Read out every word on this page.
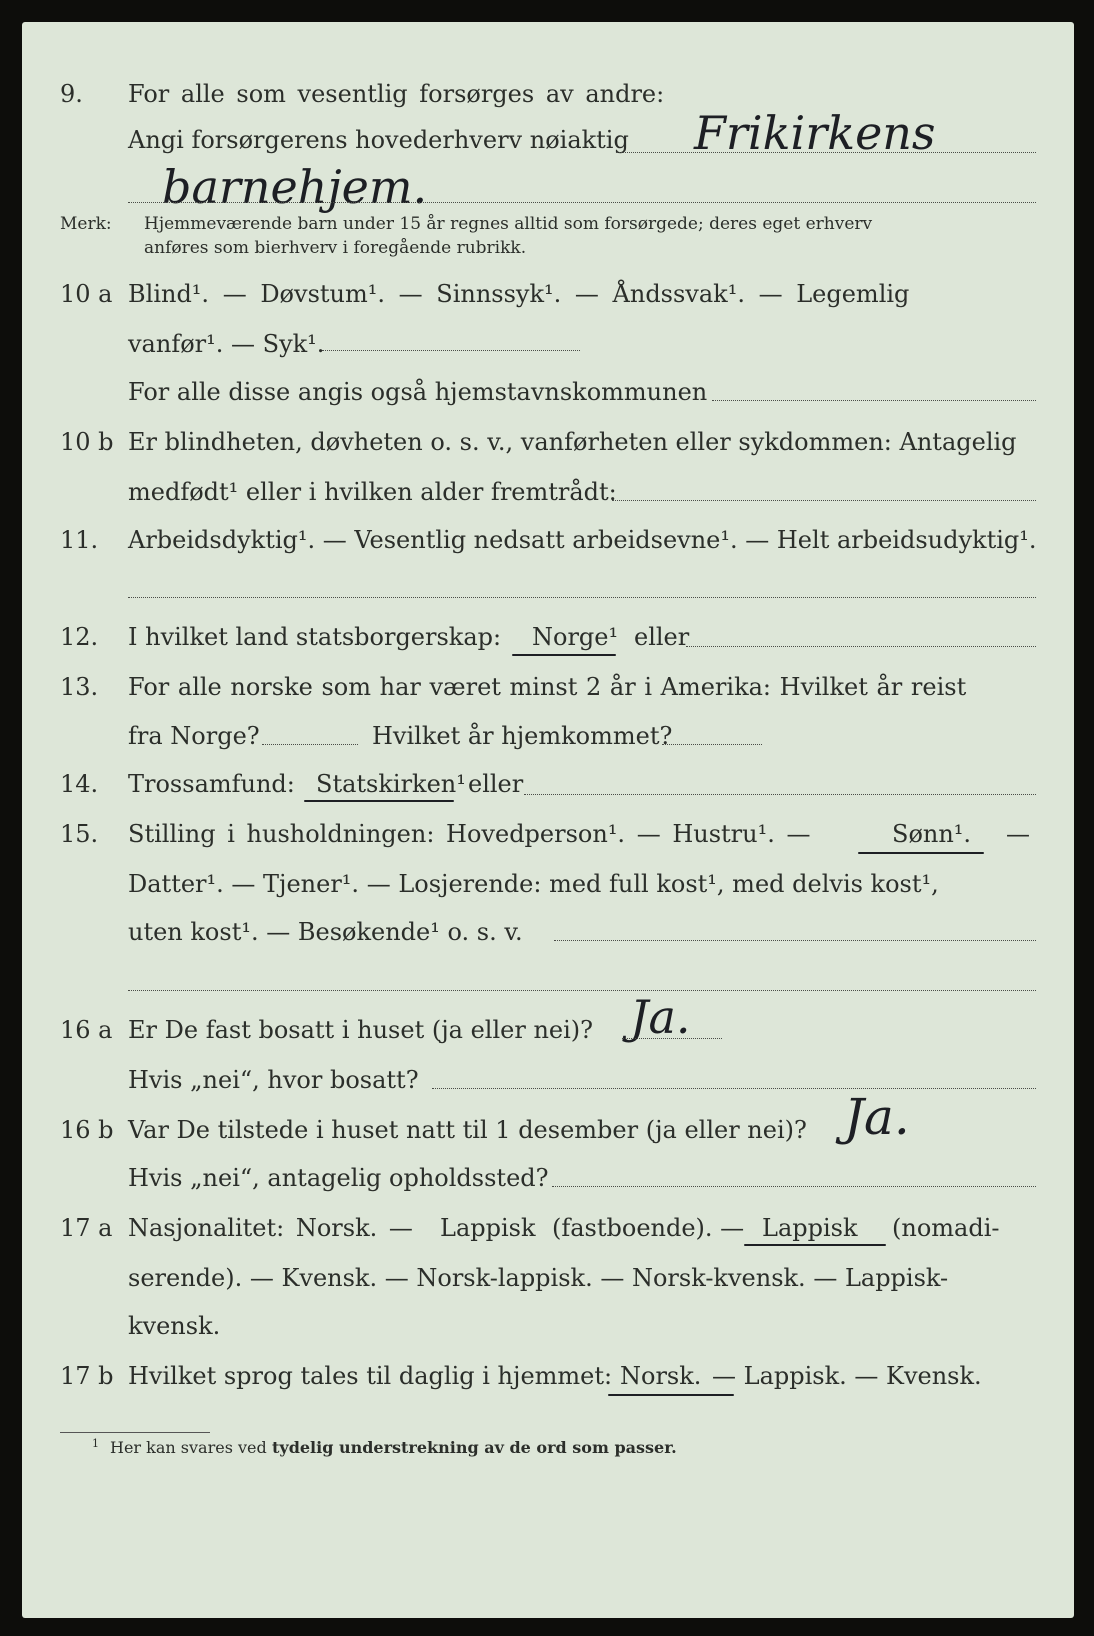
9. For alle som vesentlig forsørges av andre:
Angi forsørgerens hovederhverv nøiaktig Frikirkens
barnehjem.
Merk: Hjemmeværende barn under 15 år regnes alltid som forsørgede; deres eget erhverv
anføres som bierhverv i foregående rubrikk.
10 a Blind¹. — Døvstum¹. — Sinnssyk¹. — Åndssvak¹. — Legemlig
vanfør¹. — Syk¹.
For alle disse angis også hjemstavnskommunen
10 b Er blindheten, døvheten o. s. v., vanførheten eller sykdommen: Antagelig
medfødt¹ eller i hvilken alder fremtrådt:
11. Arbeidsdyktig¹. — Vesentlig nedsatt arbeidsevne¹. — Helt arbeidsudyktig¹.
12. I hvilket land statsborgerskap: Norge¹ eller
13. For alle norske som har været minst 2 år i Amerika: Hvilket år reist
fra Norge?	Hvilket år hjemkommet?
14. Trossamfund: Statskirken¹ eller
15. Stilling i husholdningen: Hovedperson¹. — Hustru¹. —	Sønn¹. —
Datter¹. — Tjener¹. — Losjerende: med full kost¹, med delvis kost¹,
uten kost¹. — Besøkende¹ o. s. v.
16 a Er De fast bosatt i huset (ja eller nei)? Ja.
Hvis „nei“, hvor bosatt?
16 b Var De tilstede i huset natt til 1 desember (ja eller nei)? Ja.
Hvis „nei“, antagelig opholdssted?
17 a Nasjonalitet: Norsk. — Lappisk (fastboende). — Lappisk (nomadi-
serende). — Kvensk. — Norsk-lappisk. — Norsk-kvensk. — Lappisk-
kvensk.
17 b Hvilket sprog tales til daglig i hjemmet: Norsk. — Lappisk. — Kvensk.
1 Her kan svares ved tydelig understrekning av de ord som passer.
